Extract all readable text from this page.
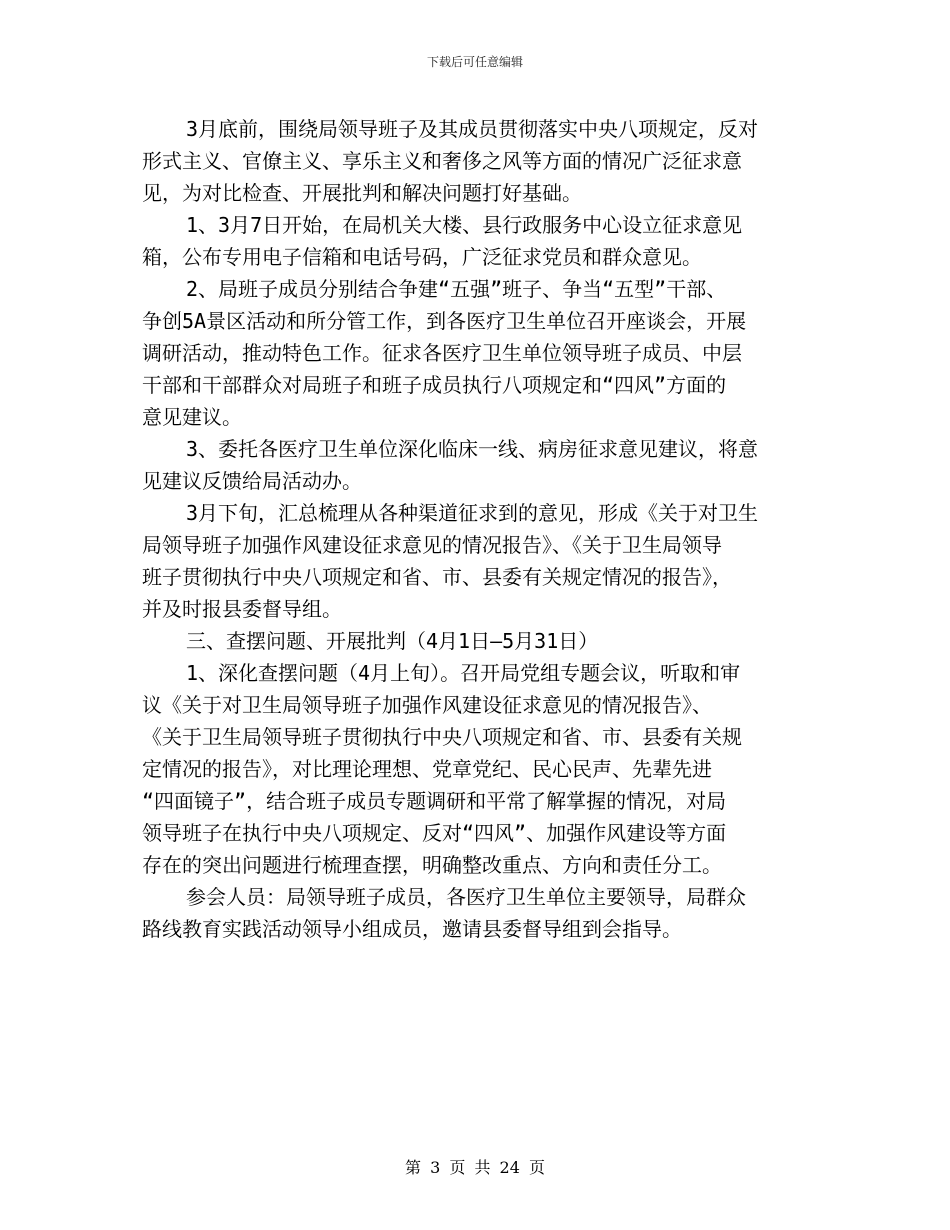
下载后可任意编辑
3月底前，围绕局领导班子及其成员贯彻落实中央八项规定，反对
形式主义、官僚主义、享乐主义和奢侈之风等方面的情况广泛征求意
见，为对比检查、开展批判和解决问题打好基础。
1、3月7日开始，在局机关大楼、县行政服务中心设立征求意见
箱，公布专用电子信箱和电话号码，广泛征求党员和群众意见。
2、局班子成员分别结合争建“五强”班子、争当“五型”干部、
争创5A景区活动和所分管工作，到各医疗卫生单位召开座谈会，开展
调研活动，推动特色工作。征求各医疗卫生单位领导班子成员、中层
干部和干部群众对局班子和班子成员执行八项规定和“四风”方面的
意见建议。
3、委托各医疗卫生单位深化临床一线、病房征求意见建议，将意
见建议反馈给局活动办。
3月下旬，汇总梳理从各种渠道征求到的意见，形成《关于对卫生
局领导班子加强作风建设征求意见的情况报告》、《关于卫生局领导
班子贯彻执行中央八项规定和省、市、县委有关规定情况的报告》，
并及时报县委督导组。
三、查摆问题、开展批判（4月1日—5月31日）
1、深化查摆问题（4月上旬）。召开局党组专题会议，听取和审
议《关于对卫生局领导班子加强作风建设征求意见的情况报告》、
《关于卫生局领导班子贯彻执行中央八项规定和省、市、县委有关规
定情况的报告》，对比理论理想、党章党纪、民心民声、先辈先进
“四面镜子”，结合班子成员专题调研和平常了解掌握的情况，对局
领导班子在执行中央八项规定、反对“四风”、加强作风建设等方面
存在的突出问题进行梳理查摆，明确整改重点、方向和责任分工。
参会人员：局领导班子成员，各医疗卫生单位主要领导，局群众
路线教育实践活动领导小组成员，邀请县委督导组到会指导。
第 3 页 共 24 页
